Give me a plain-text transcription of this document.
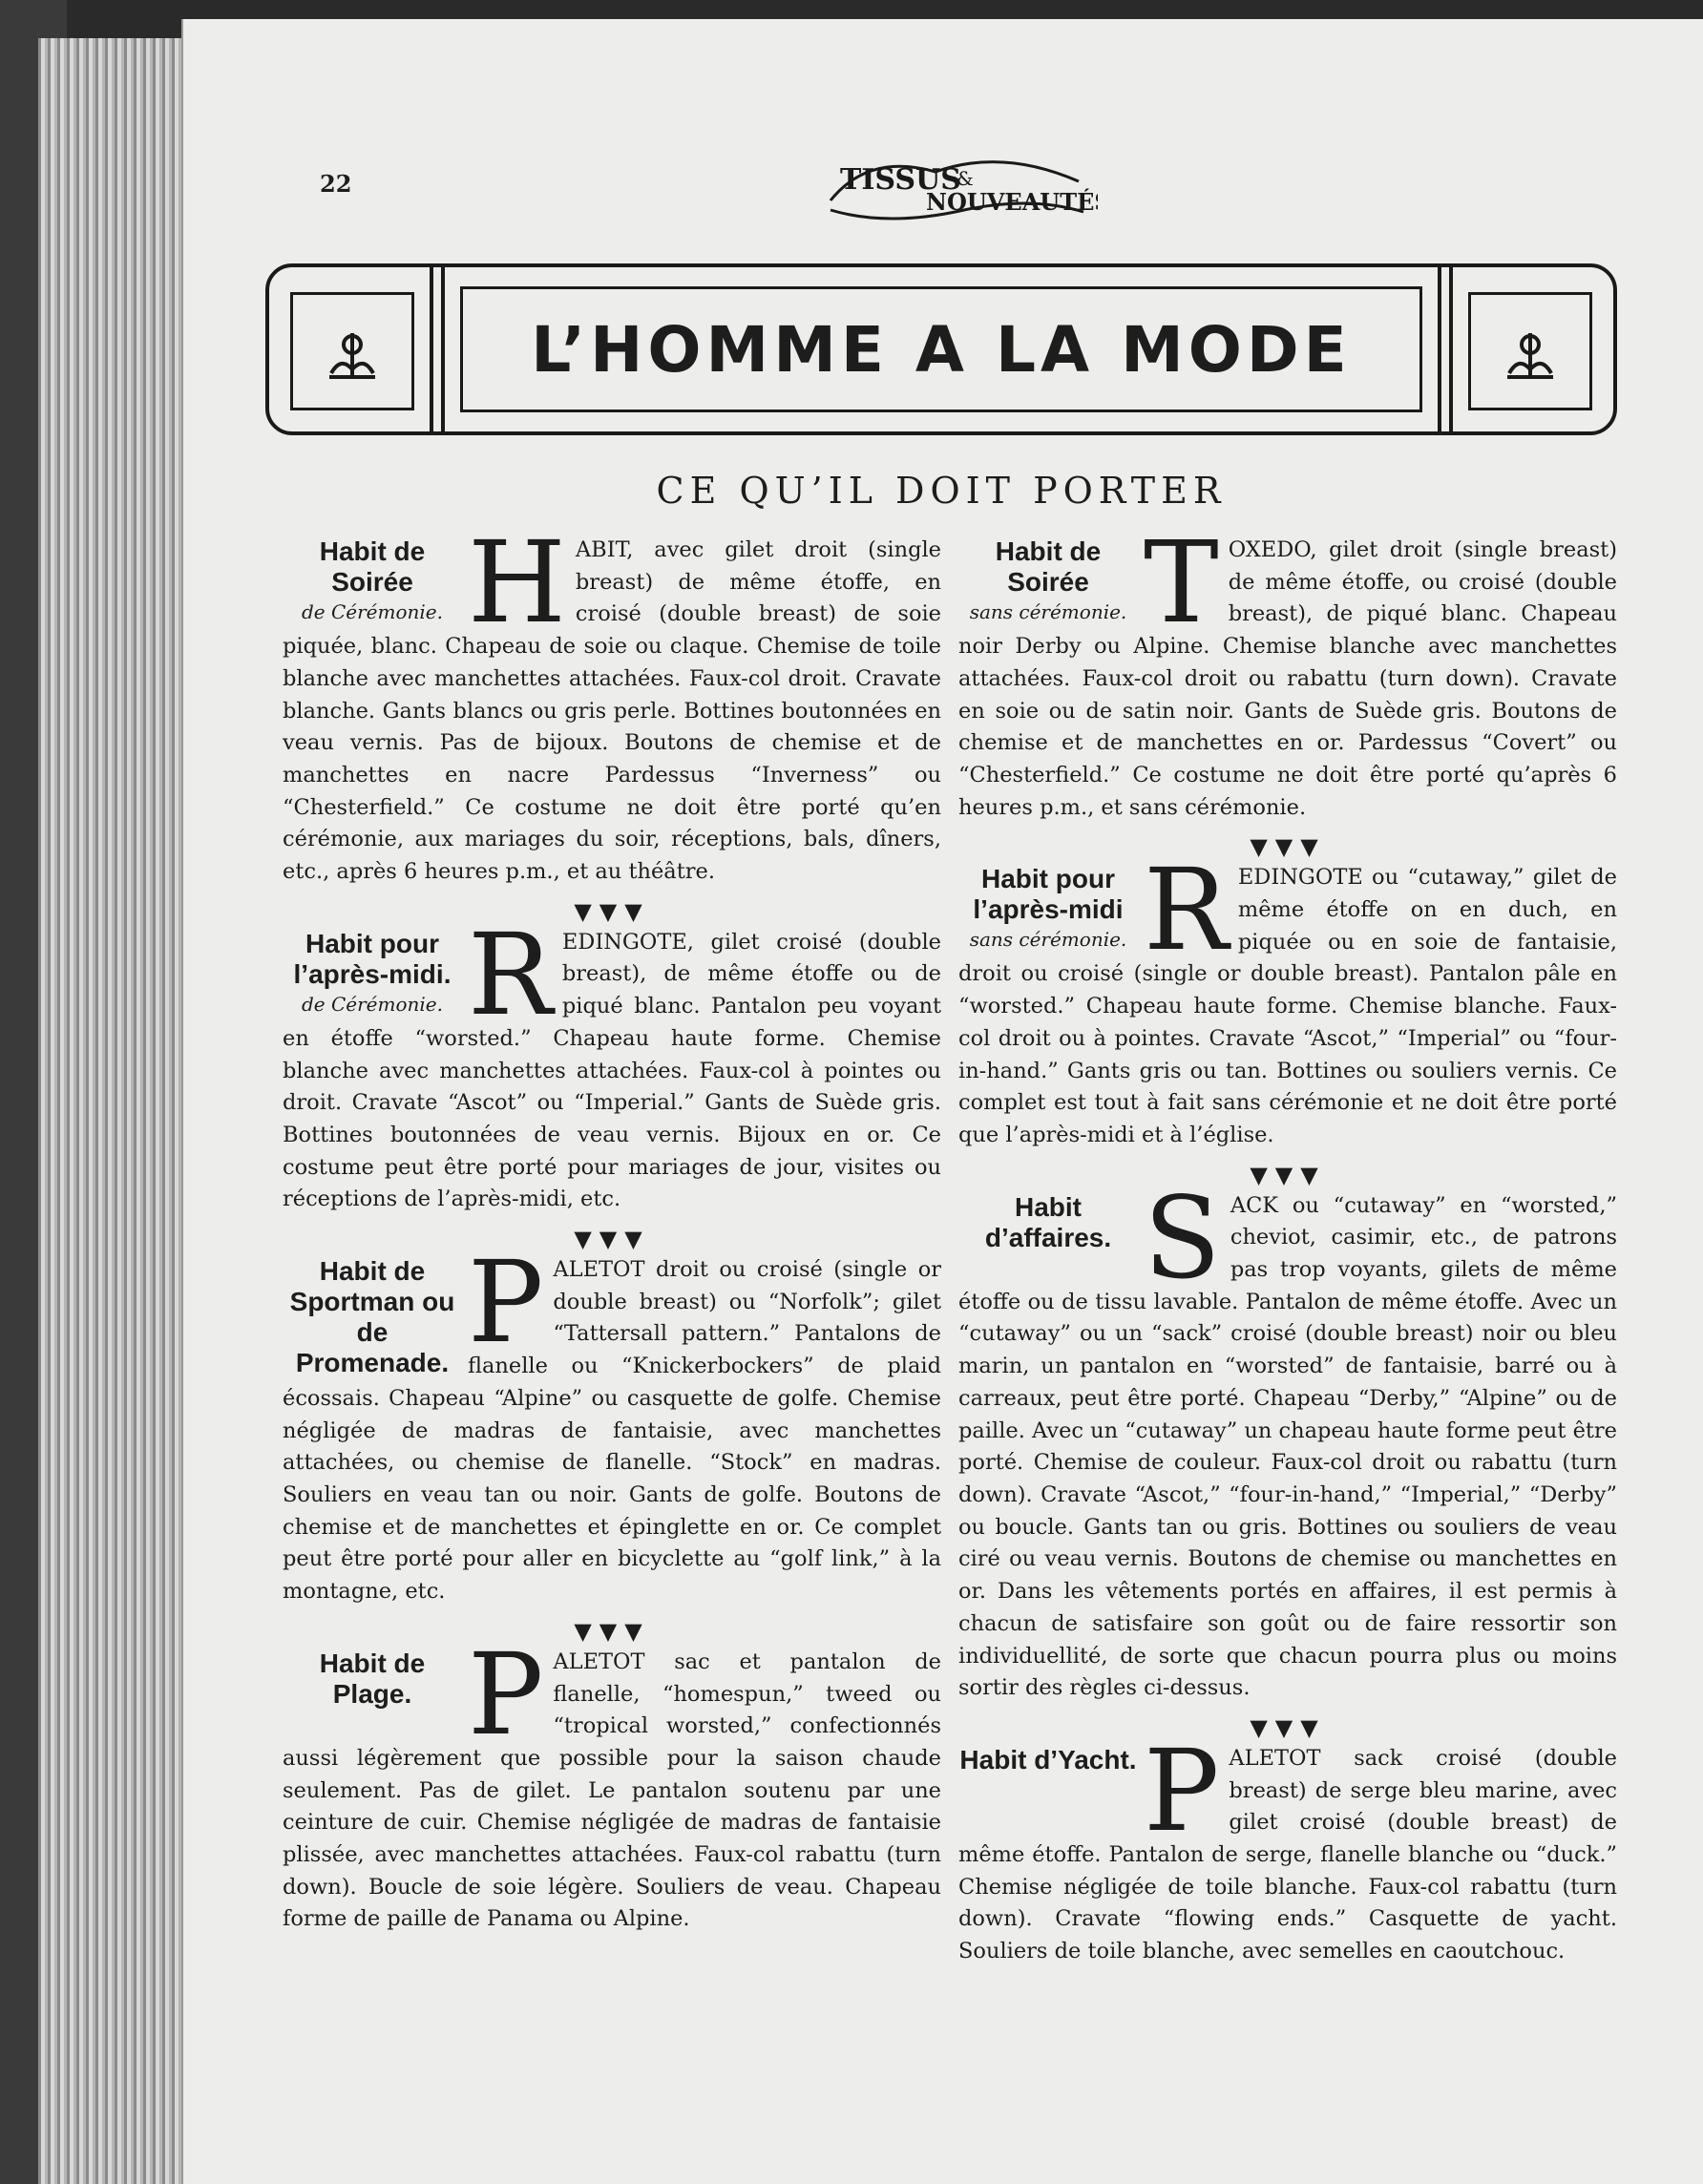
22	TISSUS
&
NOUVEAUTÉS
L’HOMME A LA MODE
CE QU’IL DOIT PORTER
Habit de Soirée
de Cérémonie. H ABIT, avec gilet droit (single breast) de même étoffe, en croisé (double breast) de soie piquée, blanc. Chapeau de soie ou claque. Chemise de toile blanche avec manchettes attachées. Faux-col droit. Cravate blanche. Gants blancs ou gris perle. Bottines boutonnées en veau vernis. Pas de bijoux. Boutons de chemise et de manchettes en nacre Pardessus “Inverness” ou “Chesterfield.” Ce costume ne doit être porté qu’en cérémonie, aux mariages du soir, réceptions, bals, dîners, etc., après 6 heures p.m., et au théâtre.

▼▼▼
Habit pour l’après-midi.
de Cérémonie. R EDINGOTE, gilet croisé (double breast), de même étoffe ou de piqué blanc. Pantalon peu voyant en étoffe “worsted.” Chapeau haute forme. Chemise blanche avec manchettes attachées. Faux-col à pointes ou droit. Cravate “Ascot” ou “Imperial.” Gants de Suède gris. Bottines boutonnées de veau vernis. Bijoux en or. Ce costume peut être porté pour mariages de jour, visites ou réceptions de l’après-midi, etc.

▼▼▼
Habit de Sportman ou de Promenade. P ALETOT droit ou croisé (single or double breast) ou “Norfolk”; gilet “Tattersall pattern.” Pantalons de flanelle ou “Knickerbockers” de plaid écossais. Chapeau “Alpine” ou casquette de golfe. Chemise négligée de madras de fantaisie, avec manchettes attachées, ou chemise de flanelle. “Stock” en madras. Souliers en veau tan ou noir. Gants de golfe. Boutons de chemise et de manchettes et épinglette en or. Ce complet peut être porté pour aller en bicyclette au “golf link,” à la montagne, etc.

▼▼▼
Habit de Plage. P ALETOT sac et pantalon de flanelle, “homespun,” tweed ou “tropical worsted,” confectionnés aussi légèrement que possible pour la saison chaude seulement. Pas de gilet. Le pantalon soutenu par une ceinture de cuir. Chemise négligée de madras de fantaisie plissée, avec manchettes attachées. Faux-col rabattu (turn down). Boucle de soie légère. Souliers de veau. Chapeau forme de paille de Panama ou Alpine.

Habit de Soirée
sans cérémonie. T OXEDO, gilet droit (single breast) de même étoffe, ou croisé (double breast), de piqué blanc. Chapeau noir Derby ou Alpine. Chemise blanche avec manchettes attachées. Faux-col droit ou rabattu (turn down). Cravate en soie ou de satin noir. Gants de Suède gris. Boutons de chemise et de manchettes en or. Pardessus “Covert” ou “Chesterfield.” Ce costume ne doit être porté qu’après 6 heures p.m., et sans cérémonie.

▼▼▼
Habit pour l’après-midi
sans cérémonie. R EDINGOTE ou “cutaway,” gilet de même étoffe on en duch, en piquée ou en soie de fantaisie, droit ou croisé (single or double breast). Pantalon pâle en “worsted.” Chapeau haute forme. Chemise blanche. Faux-col droit ou à pointes. Cravate “Ascot,” “Imperial” ou “four-in-hand.” Gants gris ou tan. Bottines ou souliers vernis. Ce complet est tout à fait sans cérémonie et ne doit être porté que l’après-midi et à l’église.

▼▼▼
Habit d’affaires. S ACK ou “cutaway” en “worsted,” cheviot, casimir, etc., de patrons pas trop voyants, gilets de même étoffe ou de tissu lavable. Pantalon de même étoffe. Avec un “cutaway” ou un “sack” croisé (double breast) noir ou bleu marin, un pantalon en “worsted” de fantaisie, barré ou à carreaux, peut être porté. Chapeau “Derby,” “Alpine” ou de paille. Avec un “cutaway” un chapeau haute forme peut être porté. Chemise de couleur. Faux-col droit ou rabattu (turn down). Cravate “Ascot,” “four-in-hand,” “Imperial,” “Derby” ou boucle. Gants tan ou gris. Bottines ou souliers de veau ciré ou veau vernis. Boutons de chemise ou manchettes en or. Dans les vêtements portés en affaires, il est permis à chacun de satisfaire son goût ou de faire ressortir son individuellité, de sorte que chacun pourra plus ou moins sortir des règles ci-dessus.

▼▼▼
Habit d’Yacht. P ALETOT sack croisé (double breast) de serge bleu marine, avec gilet croisé (double breast) de même étoffe. Pantalon de serge, flanelle blanche ou “duck.” Chemise négligée de toile blanche. Faux-col rabattu (turn down). Cravate “flowing ends.” Casquette de yacht. Souliers de toile blanche, avec semelles en caoutchouc.
